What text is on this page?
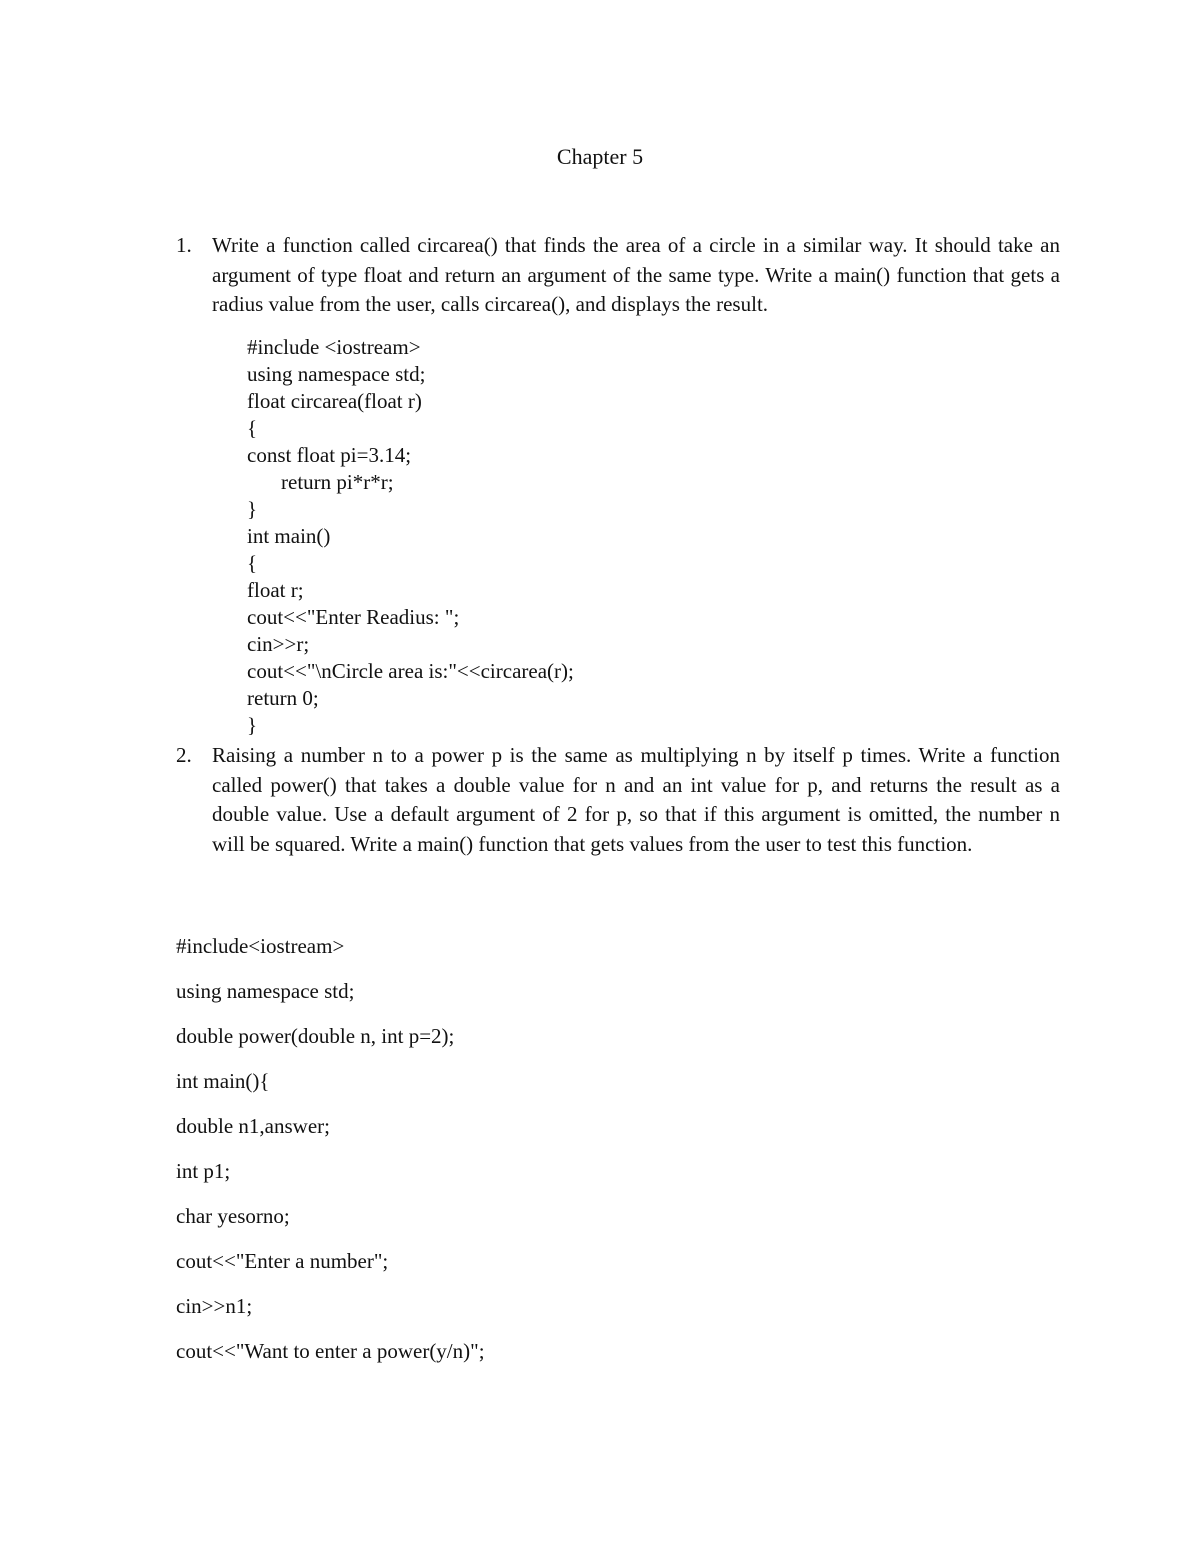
Chapter 5
1. Write a function called circarea() that finds the area of a circle in a similar way. It should take an argument of type float and return an argument of the same type. Write a main() function that gets a radius value from the user, calls circarea(), and displays the result.
#include <iostream>
using namespace std;
float circarea(float r)
{
const float pi=3.14;
return pi*r*r;
}
int main()
{
float r;
cout<<"Enter Readius: ";
cin>>r;
cout<<"\nCircle area is:"<<circarea(r);
return 0;
}
2. Raising a number n to a power p is the same as multiplying n by itself p times. Write a function called power() that takes a double value for n and an int value for p, and returns the result as a double value. Use a default argument of 2 for p, so that if this argument is omitted, the number n will be squared. Write a main() function that gets values from the user to test this function.
#include<iostream>
using namespace std;
double power(double n, int p=2);
int main(){
double n1,answer;
int p1;
char yesorno;
cout<<"Enter a number";
cin>>n1;
cout<<"Want to enter a power(y/n)";
